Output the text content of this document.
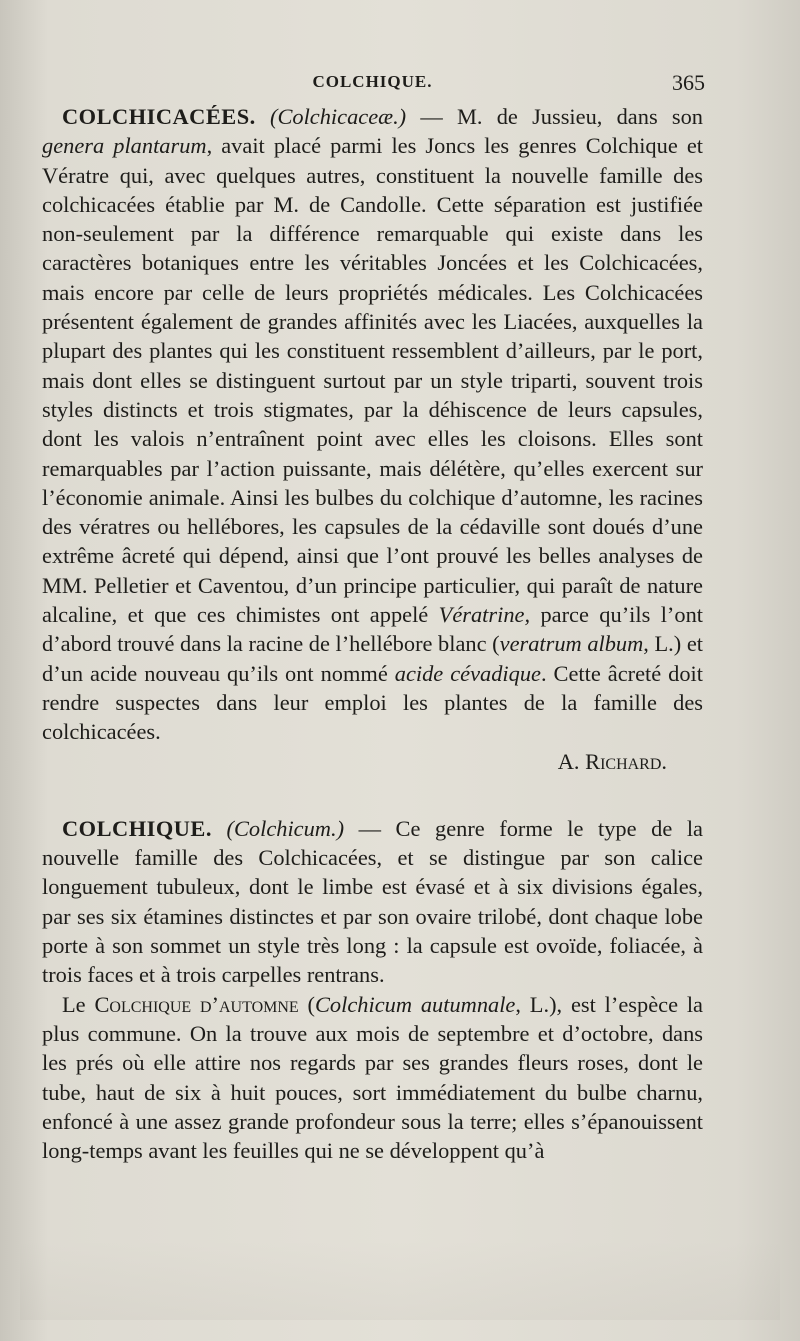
COLCHIQUE.	365

COLCHICACÉES. (Colchicaceæ.) — M. de Jussieu, dans son genera plantarum, avait placé parmi les Joncs les genres Colchique et Vératre qui, avec quelques autres, constituent la nouvelle famille des colchicacées établie par M. de Candolle. Cette séparation est justifiée non-seulement par la différence remarquable qui existe dans les caractères botaniques entre les véritables Joncées et les Colchicacées, mais encore par celle de leurs propriétés médicales. Les Colchicacées présentent également de grandes affinités avec les Liacées, auxquelles la plupart des plantes qui les constituent ressemblent d’ailleurs, par le port, mais dont elles se distinguent surtout par un style triparti, souvent trois styles distincts et trois stigmates, par la déhiscence de leurs capsules, dont les valois n’entraînent point avec elles les cloisons. Elles sont remarquables par l’action puissante, mais délétère, qu’elles exercent sur l’économie animale. Ainsi les bulbes du colchique d’automne, les racines des vératres ou hellébores, les capsules de la cédaville sont doués d’une extrême âcreté qui dépend, ainsi que l’ont prouvé les belles analyses de MM. Pelletier et Caventou, d’un principe particulier, qui paraît de nature alcaline, et que ces chimistes ont appelé Vératrine, parce qu’ils l’ont d’abord trouvé dans la racine de l’hellébore blanc (veratrum album, L.) et d’un acide nouveau qu’ils ont nommé acide cévadique. Cette âcreté doit rendre suspectes dans leur emploi les plantes de la famille des colchicacées.

A. Richard.

COLCHIQUE. (Colchicum.) — Ce genre forme le type de la nouvelle famille des Colchicacées, et se distingue par son calice longuement tubuleux, dont le limbe est évasé et à six divisions égales, par ses six étamines distinctes et par son ovaire trilobé, dont chaque lobe porte à son sommet un style très long : la capsule est ovoïde, foliacée, à trois faces et à trois carpelles rentrans.

Le Colchique d’automne (Colchicum autumnale, L.), est l’espèce la plus commune. On la trouve aux mois de septembre et d’octobre, dans les prés où elle attire nos regards par ses grandes fleurs roses, dont le tube, haut de six à huit pouces, sort immédiatement du bulbe charnu, enfoncé à une assez grande profondeur sous la terre; elles s’épanouissent long-temps avant les feuilles qui ne se développent qu’à
